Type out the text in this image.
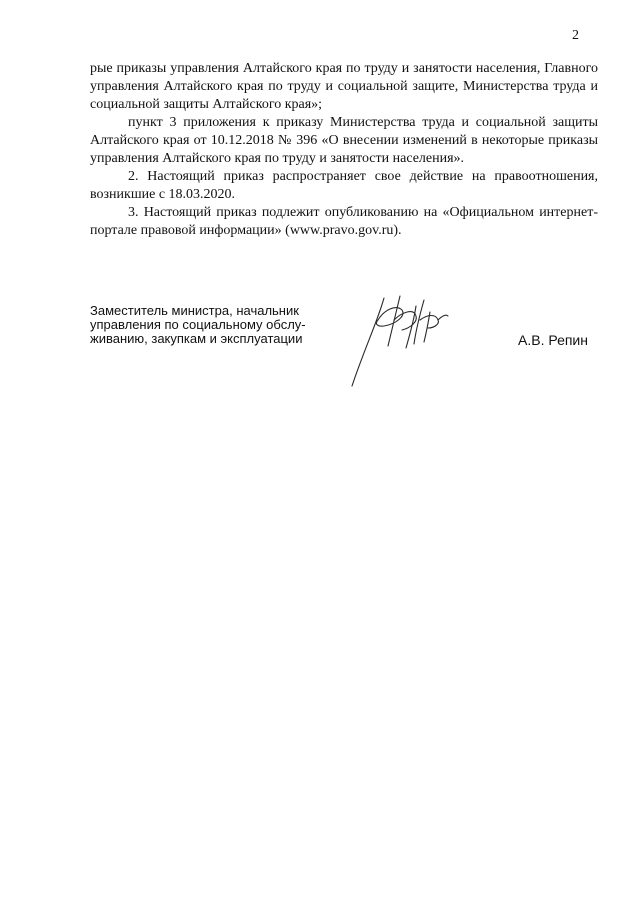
2

рые приказы управления Алтайского края по труду и занятости населения, Главного управления Алтайского края по труду и социальной защите, Министерства труда и социальной защиты Алтайского края»;

пункт 3 приложения к приказу Министерства труда и социальной защиты Алтайского края от 10.12.2018 № 396 «О внесении изменений в некоторые приказы управления Алтайского края по труду и занятости населения».

2. Настоящий приказ распространяет свое действие на правоотношения, возникшие с 18.03.2020.

3. Настоящий приказ подлежит опубликованию на «Официальном интернет-портале правовой информации» (www.pravo.gov.ru).

Заместитель министра, начальник
управления по социальному обслу-
живанию, закупкам и эксплуатации	А.В. Репин
